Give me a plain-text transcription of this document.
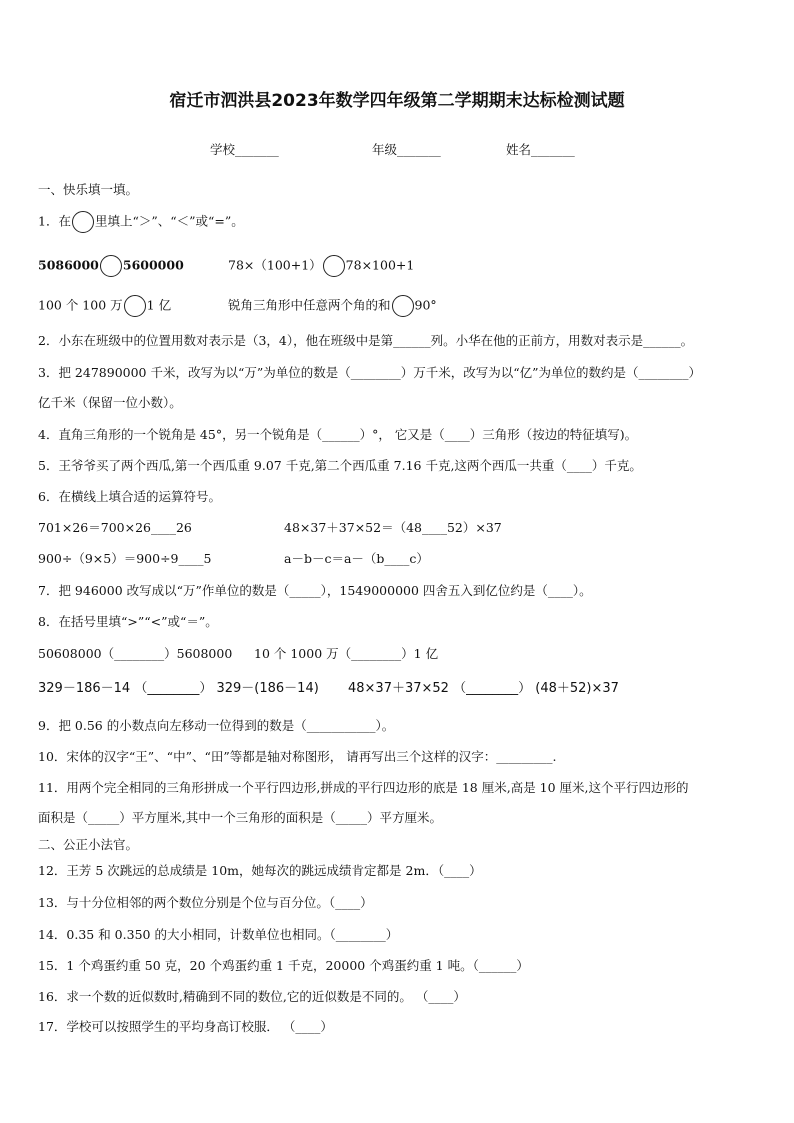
宿迁市泗洪县2023年数学四年级第二学期期末达标检测试题
学校_______	年级_______	姓名_______
一、快乐填一填。
1．在 里填上“＞”、“＜”或“=”。
5086000 5600000	78×（100+1） 78×100+1
100 个 100 万 1 亿	锐角三角形中任意两个角的和 90°
2．小东在班级中的位置用数对表示是（3，4），他在班级中是第______列。小华在他的正前方，用数对表示是______。
3．把 247890000 千米，改写为以“万”为单位的数是（________）万千米，改写为以“亿”为单位的数约是（________）
亿千米（保留一位小数）。
4．直角三角形的一个锐角是 45°，另一个锐角是（______）°， 它又是（____）三角形（按边的特征填写)。
5．王爷爷买了两个西瓜,第一个西瓜重 9.07 千克,第二个西瓜重 7.16 千克,这两个西瓜一共重（____）千克。
6．在横线上填合适的运算符号。
701×26＝700×26____26	48×37＋37×52＝（48____52）×37
900÷（9×5）＝900÷9____5	a－b－c＝a－（b____c）
7．把 946000 改写成以“万”作单位的数是（_____），1549000000 四舍五入到亿位约是（____）。
8．在括号里填“>”“<”或“＝”。
50608000（________）5608000 10 个 1000 万（________）1 亿
329－186－14 （________） 329－(186－14) 48×37＋37×52 （________） (48＋52)×37
9．把 0.56 的小数点向左移动一位得到的数是（___________）。
10．宋体的汉字“王”、“中”、“田”等都是轴对称图形， 请再写出三个这样的汉字：_________.
11．用两个完全相同的三角形拼成一个平行四边形,拼成的平行四边形的底是 18 厘米,高是 10 厘米,这个平行四边形的
面积是（_____）平方厘米,其中一个三角形的面积是（_____）平方厘米。
二、公正小法官。
12．王芳 5 次跳远的总成绩是 10m，她每次的跳远成绩肯定都是 2m．（____）
13．与十分位相邻的两个数位分别是个位与百分位。（____）
14．0.35 和 0.350 的大小相同，计数单位也相同。（________）
15．1 个鸡蛋约重 50 克，20 个鸡蛋约重 1 千克，20000 个鸡蛋约重 1 吨。（______）
16．求一个数的近似数时,精确到不同的数位,它的近似数是不同的。 （____）
17．学校可以按照学生的平均身高订校服． （____）
